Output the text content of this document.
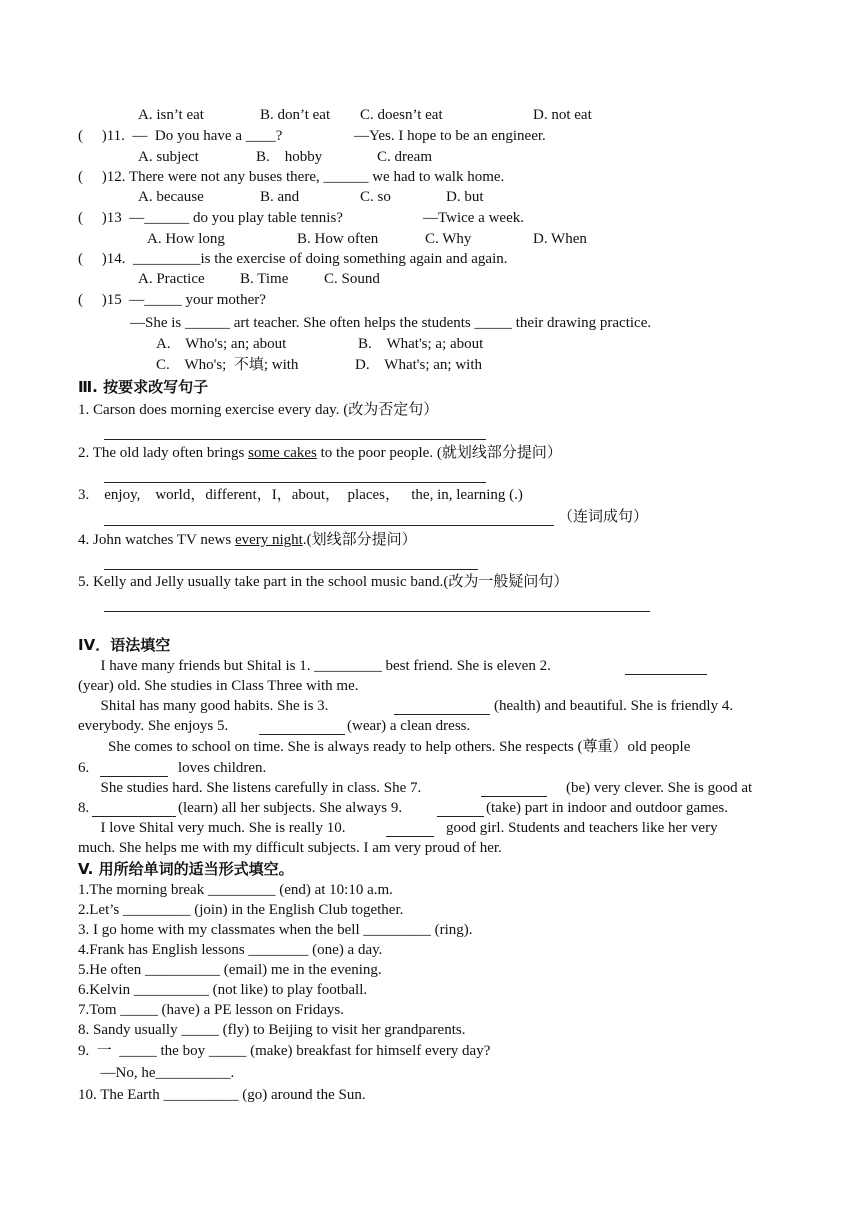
A. isn’t eat	B. don’t eat C. doesn’t eat	D. not eat
(     )11.  —  Do you have a ____?	—Yes. I hope to be an engineer.
A. subject	B.    hobby	C. dream
(     )12. There were not any buses there, ______ we had to walk home.
A. because	B. and	C. so	D. but
(     )13  —______ do you play table tennis?	—Twice a week.
A. How long	B. How often	C. Why	D. When
(     )14.  _________is the exercise of doing something again and again.
A. Practice B. Time C. Sound
(     )15  —_____ your mother?
—She is ______ art teacher. She often helps the students _____ their drawing practice.
A.    Who's; an; about	B.    What's; a; about
C.    Who's;  不填; with	D.    What's; an; with
Ⅲ. 按要求改写句子
1. Carson does morning exercise every day. (改为否定句）
2. The old lady often brings some cakes to the poor people. (就划线部分提问）
3.    enjoy,    world，different，I，about，  places，   the, in, learning (.)
（连词成句）
4. John watches TV news every night.(划线部分提问）
5. Kelly and Jelly usually take part in the school music band.(改为一般疑问句）
IV．语法填空
I have many friends but Shital is 1. _________ best friend. She is eleven 2.
(year) old. She studies in Class Three with me.
Shital has many good habits. She is 3.	(health) and beautiful. She is friendly 4.
everybody. She enjoys 5.	(wear) a clean dress.
She comes to school on time. She is always ready to help others. She respects (尊重）old people
6.	loves children.
She studies hard. She listens carefully in class. She 7.	(be) very clever. She is good at
8.	(learn) all her subjects. She always 9.	(take) part in indoor and outdoor games.
I love Shital very much. She is really 10.	good girl. Students and teachers like her very
much. She helps me with my difficult subjects. I am very proud of her.
V. 用所给单词的适当形式填空。
1.The morning break _________ (end) at 10:10 a.m.
2.Let’s _________ (join) in the English Club together.
3. I go home with my classmates when the bell _________ (ring).
4.Frank has English lessons ________ (one) a day.
5.He often __________ (email) me in the evening.
6.Kelvin __________ (not like) to play football.
7.Tom _____ (have) a PE lesson on Fridays.
8. Sandy usually _____ (fly) to Beijing to visit her grandparents.
9.  一  _____ the boy _____ (make) breakfast for himself every day?
—No, he__________.
10. The Earth __________ (go) around the Sun.
